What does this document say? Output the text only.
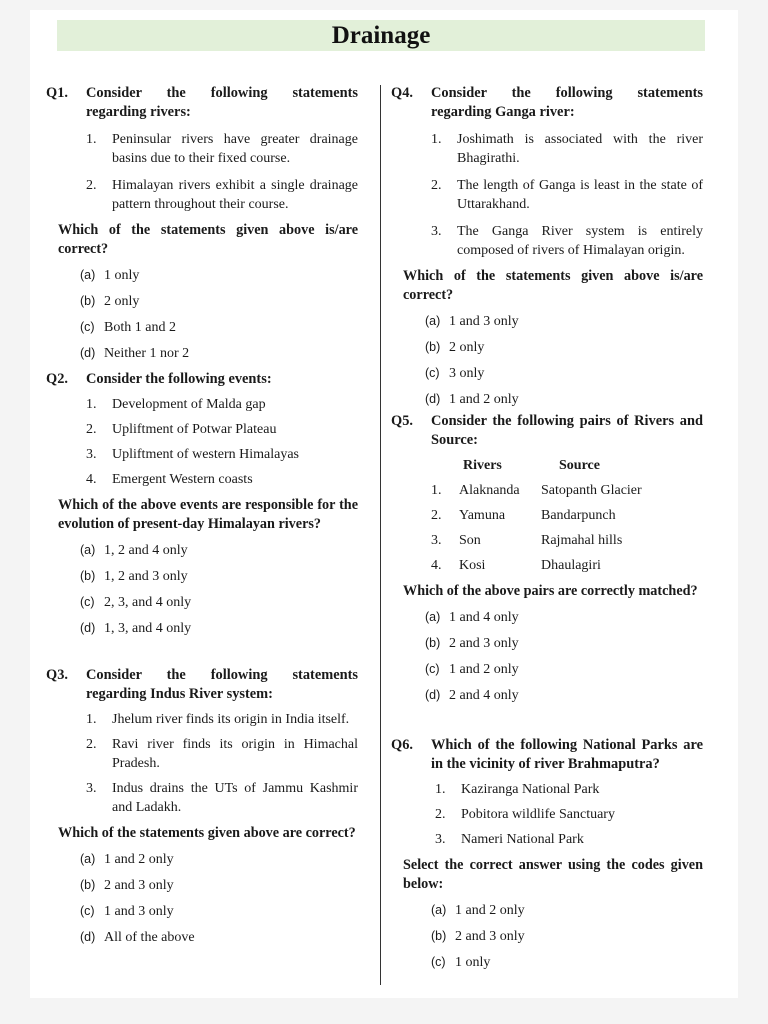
Drainage
Q1.	Consider the following statements regarding rivers:
1.	Peninsular rivers have greater drainage basins due to their fixed course.
2.	Himalayan rivers exhibit a single drainage pattern throughout their course.
Which of the statements given above is/are correct?
(a) 1 only
(b) 2 only
(c) Both 1 and 2
(d) Neither 1 nor 2
Q2.	Consider the following events:
1.	Development of Malda gap
2.	Upliftment of Potwar Plateau
3.	Upliftment of western Himalayas
4.	Emergent Western coasts
Which of the above events are responsible for the evolution of present-day Himalayan rivers?
(a) 1, 2 and 4 only
(b) 1, 2 and 3 only
(c) 2, 3, and 4 only
(d) 1, 3, and 4 only
Q3.	Consider the following statements regarding Indus River system:
1.	Jhelum river finds its origin in India itself.
2.	Ravi river finds its origin in Himachal Pradesh.
3.	Indus drains the UTs of Jammu Kashmir and Ladakh.
Which of the statements given above are correct?
(a) 1 and 2 only
(b) 2 and 3 only
(c) 1 and 3 only
(d) All of the above
Q4.	Consider the following statements regarding Ganga river:
1.	Joshimath is associated with the river Bhagirathi.
2.	The length of Ganga is least in the state of Uttarakhand.
3.	The Ganga River system is entirely composed of rivers of Himalayan origin.
Which of the statements given above is/are correct?
(a) 1 and 3 only
(b) 2 only
(c) 3 only
(d) 1 and 2 only
Q5.	Consider the following pairs of Rivers and Source:
Rivers	Source
1.	Alaknanda	Satopanth Glacier
2.	Yamuna	Bandarpunch
3.	Son	Rajmahal hills
4.	Kosi	Dhaulagiri
Which of the above pairs are correctly matched?
(a) 1 and 4 only
(b) 2 and 3 only
(c) 1 and 2 only
(d) 2 and 4 only
Q6.	Which of the following National Parks are in the vicinity of river Brahmaputra?
1.	Kaziranga National Park
2.	Pobitora wildlife Sanctuary
3.	Nameri National Park
Select the correct answer using the codes given below:
(a) 1 and 2 only
(b) 2 and 3 only
(c) 1 only
